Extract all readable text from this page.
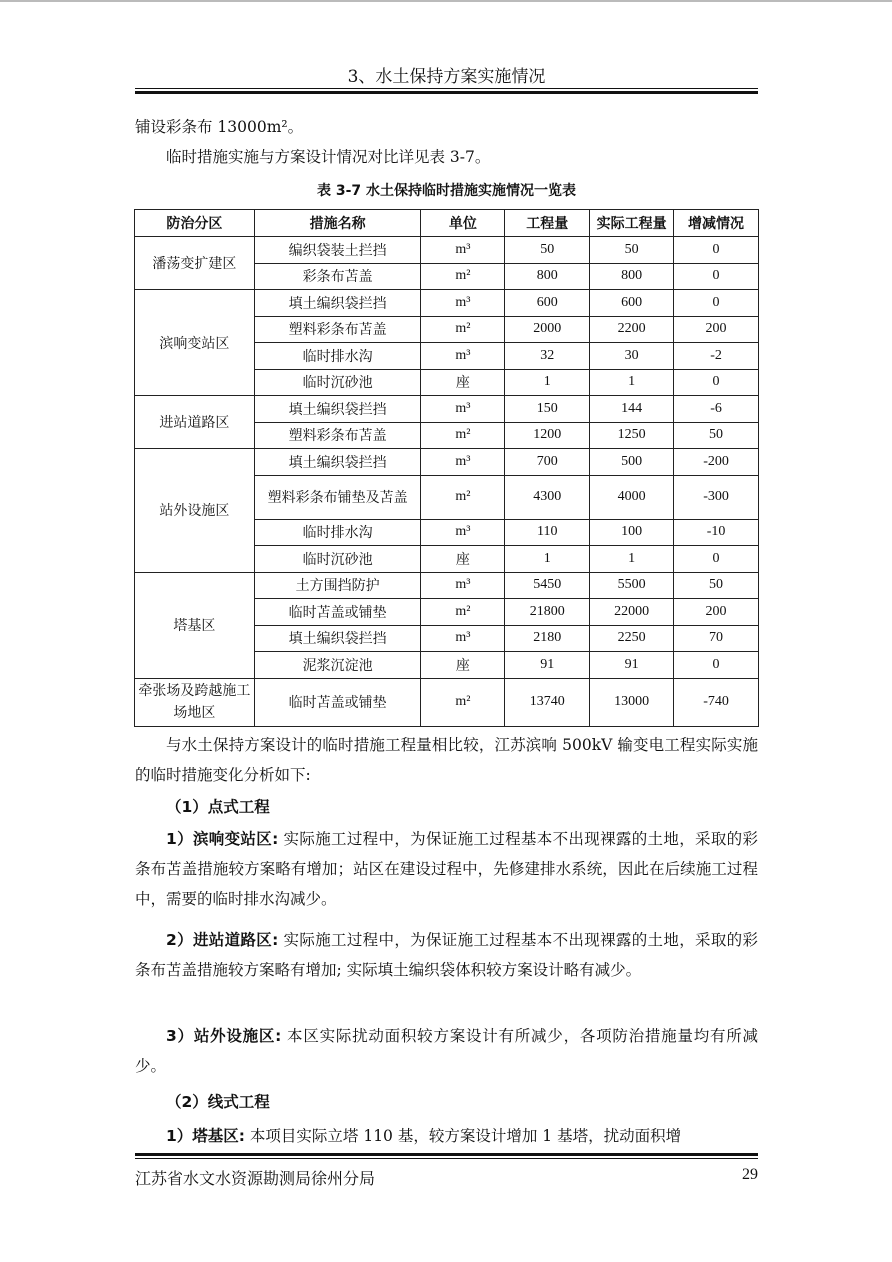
3、水土保持方案实施情况
铺设彩条布 13000m²。
临时措施实施与方案设计情况对比详见表 3-7。
表 3-7 水土保持临时措施实施情况一览表
防治分区	措施名称	单位	工程量	实际工程量	增减情况
潘荡变扩建区	编织袋装土拦挡	m³	50	50	0
	彩条布苫盖	m²	800	800	0
滨响变站区	填土编织袋拦挡	m³	600	600	0
	塑料彩条布苫盖	m²	2000	2200	200
	临时排水沟	m³	32	30	-2
	临时沉砂池	座	1	1	0
进站道路区	填土编织袋拦挡	m³	150	144	-6
	塑料彩条布苫盖	m²	1200	1250	50
站外设施区	填土编织袋拦挡	m³	700	500	-200
	塑料彩条布铺垫及苫盖	m²	4300	4000	-300
	临时排水沟	m³	110	100	-10
	临时沉砂池	座	1	1	0
塔基区	土方围挡防护	m³	5450	5500	50
	临时苫盖或铺垫	m²	21800	22000	200
	填土编织袋拦挡	m³	2180	2250	70
	泥浆沉淀池	座	91	91	0
牵张场及跨越施工场地区	临时苫盖或铺垫	m²	13740	13000	-740
与水土保持方案设计的临时措施工程量相比较，江苏滨响 500kV 输变电工程实际实施的临时措施变化分析如下:
（1）点式工程
1）滨响变站区: 实际施工过程中，为保证施工过程基本不出现裸露的土地，采取的彩条布苫盖措施较方案略有增加；站区在建设过程中，先修建排水系统，因此在后续施工过程中，需要的临时排水沟减少。
2）进站道路区: 实际施工过程中，为保证施工过程基本不出现裸露的土地，采取的彩条布苫盖措施较方案略有增加; 实际填土编织袋体积较方案设计略有减少。
3）站外设施区: 本区实际扰动面积较方案设计有所减少，各项防治措施量均有所减少。
（2）线式工程
1）塔基区: 本项目实际立塔 110 基，较方案设计增加 1 基塔，扰动面积增
江苏省水文水资源勘测局徐州分局	29
